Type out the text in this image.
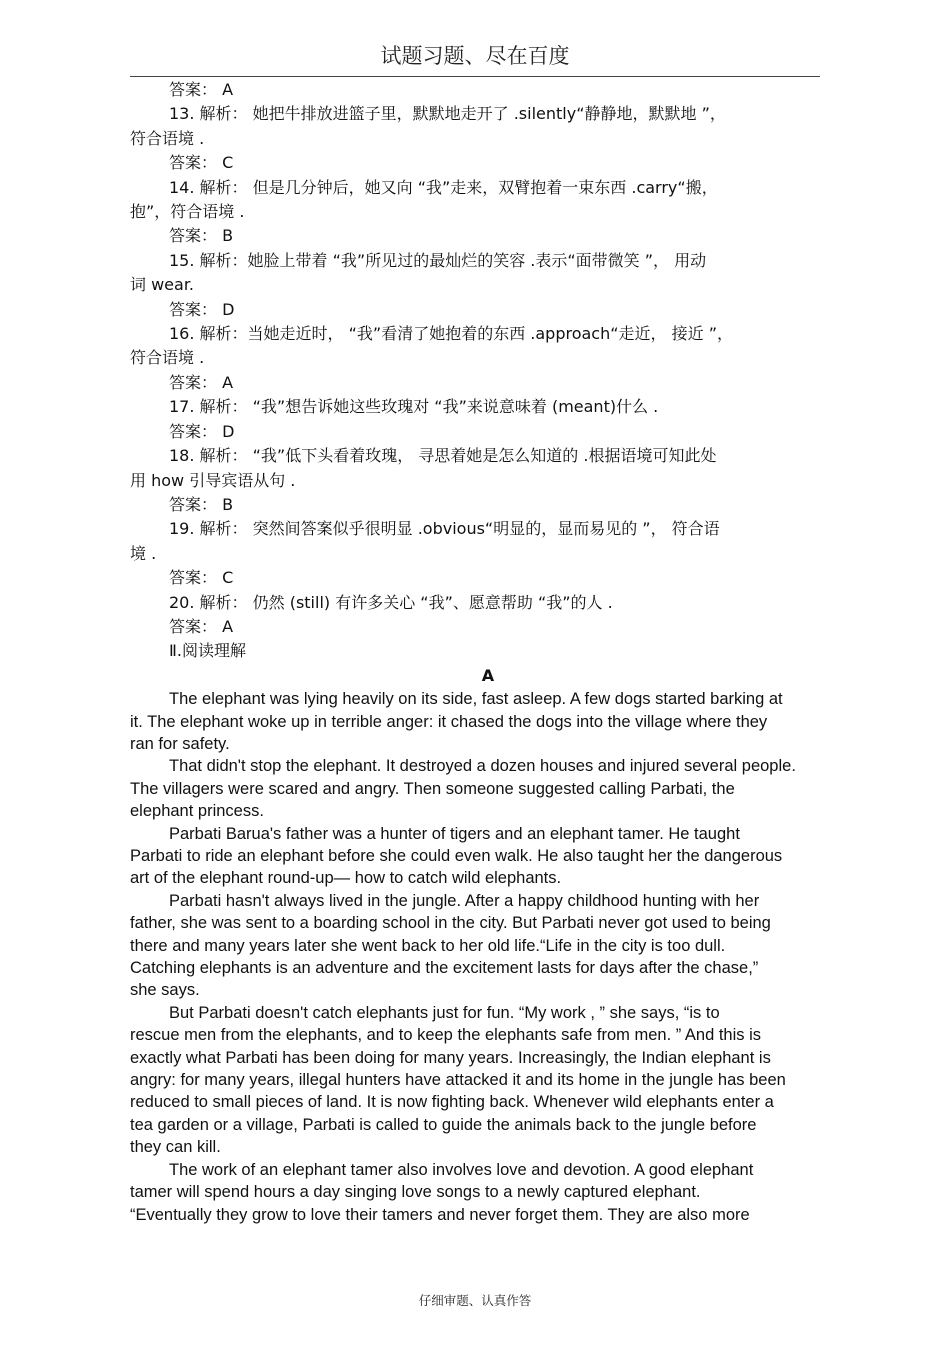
试题习题、尽在百度
答案： A
13. 解析： 她把牛排放进篮子里，默默地走开了 .silently“静静地，默默地 ”，
符合语境 .
答案： C
14. 解析： 但是几分钟后，她又向 “我”走来，双臂抱着一束东西 .carry“搬，
抱”，符合语境 .
答案： B
15. 解析：她脸上带着 “我”所见过的最灿烂的笑容 .表示“面带微笑 ”， 用动
词 wear.
答案： D
16. 解析：当她走近时， “我”看清了她抱着的东西 .approach“走近， 接近 ”，
符合语境 .
答案： A
17. 解析： “我”想告诉她这些玫瑰对 “我”来说意味着 (meant)什么 .
答案： D
18. 解析： “我”低下头看着玫瑰， 寻思着她是怎么知道的 .根据语境可知此处
用 how 引导宾语从句 .
答案： B
19. 解析： 突然间答案似乎很明显 .obvious“明显的，显而易见的 ”， 符合语
境 .
答案： C
20. 解析： 仍然 (still) 有许多关心 “我”、愿意帮助 “我”的人 .
答案： A
Ⅱ.阅读理解
A
The elephant was lying heavily on its side, fast asleep. A few dogs started barking at
it. The elephant woke up in terrible anger: it chased the dogs into the village where they
ran for safety.
That didn't stop the elephant. It destroyed a dozen houses and injured several people.
The villagers were scared and angry. Then someone suggested calling Parbati, the
elephant princess.
Parbati Barua's father was a hunter of tigers and an elephant tamer. He taught
Parbati to ride an elephant before she could even walk. He also taught her the dangerous
art of the elephant round-up— how to catch wild elephants.
Parbati hasn't always lived in the jungle. After a happy childhood hunting with her
father, she was sent to a boarding school in the city. But Parbati never got used to being
there and many years later she went back to her old life.“Life in the city is too dull.
Catching elephants is an adventure and the excitement lasts for days after the chase,”
she says.
But Parbati doesn't catch elephants just for fun. “My work , ” she says, “is to
rescue men from the elephants, and to keep the elephants safe from men. ” And this is
exactly what Parbati has been doing for many years. Increasingly, the Indian elephant is
angry: for many years, illegal hunters have attacked it and its home in the jungle has been
reduced to small pieces of land. It is now fighting back. Whenever wild elephants enter a
tea garden or a village, Parbati is called to guide the animals back to the jungle before
they can kill.
The work of an elephant tamer also involves love and devotion. A good elephant
tamer will spend hours a day singing love songs to a newly captured elephant.
“Eventually they grow to love their tamers and never forget them. They are also more
仔细审题、认真作答
